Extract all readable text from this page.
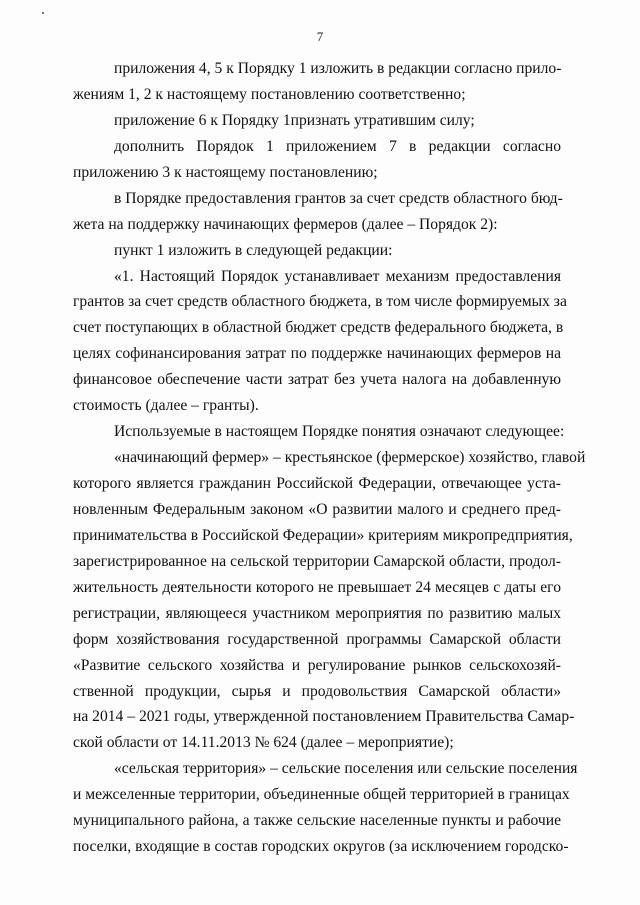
7
приложения 4, 5 к Порядку 1 изложить в редакции согласно прило-
жениям 1, 2 к настоящему постановлению соответственно;
приложение 6 к Порядку 1признать утратившим силу;
дополнить Порядок 1 приложением 7 в редакции согласно
приложению 3 к настоящему постановлению;
в Порядке предоставления грантов за счет средств областного бюд-
жета на поддержку начинающих фермеров (далее – Порядок 2):
пункт 1 изложить в следующей редакции:
«1. Настоящий Порядок устанавливает механизм предоставления
грантов за счет средств областного бюджета, в том числе формируемых за
счет поступающих в областной бюджет средств федерального бюджета, в
целях софинансирования затрат по поддержке начинающих фермеров на
финансовое обеспечение части затрат без учета налога на добавленную
стоимость (далее – гранты).
Используемые в настоящем Порядке понятия означают следующее:
«начинающий фермер» – крестьянское (фермерское) хозяйство, главой
которого является гражданин Российской Федерации, отвечающее уста-
новленным Федеральным законом «О развитии малого и среднего пред-
принимательства в Российской Федерации» критериям микропредприятия,
зарегистрированное на сельской территории Самарской области, продол-
жительность деятельности которого не превышает 24 месяцев с даты его
регистрации, являющееся участником мероприятия по развитию малых
форм хозяйствования государственной программы Самарской области
«Развитие сельского хозяйства и регулирование рынков сельскохозяй-
ственной продукции, сырья и продовольствия Самарской области»
на 2014 – 2021 годы, утвержденной постановлением Правительства Самар-
ской области от 14.11.2013 № 624 (далее – мероприятие);
«сельская территория» – сельские поселения или сельские поселения
и межселенные территории, объединенные общей территорией в границах
муниципального района, а также сельские населенные пункты и рабочие
поселки, входящие в состав городских округов (за исключением городско-
